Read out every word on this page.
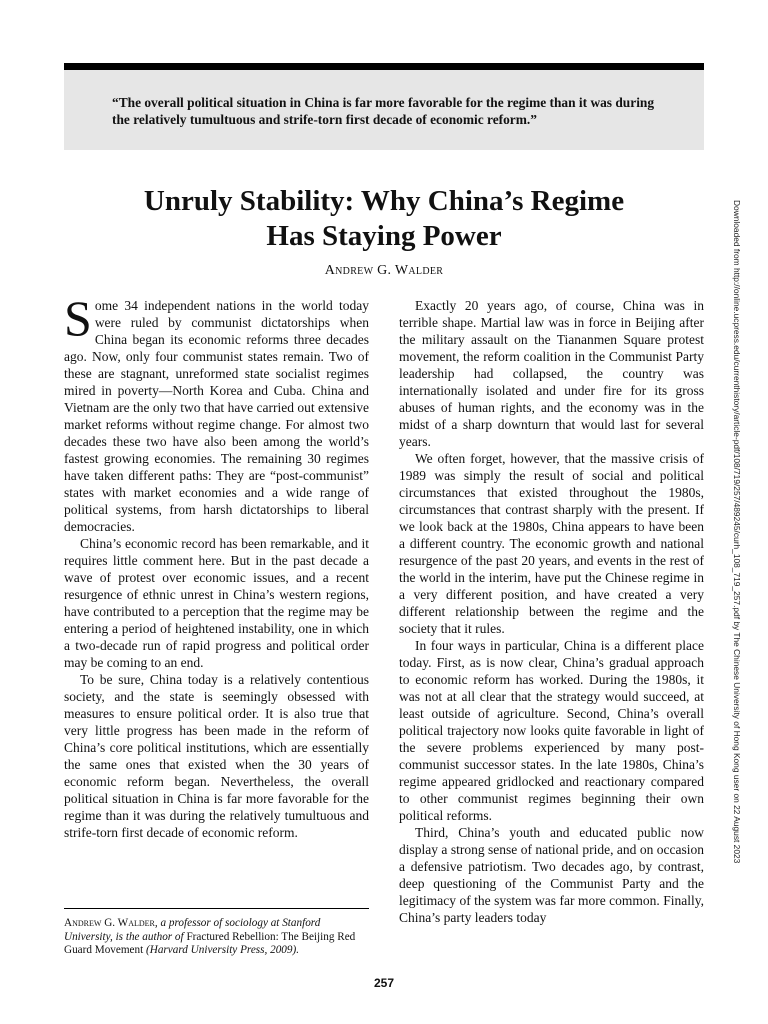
“The overall political situation in China is far more favorable for the regime than it was during the relatively tumultuous and strife-torn first decade of economic reform.”

Unruly Stability: Why China’s Regime
Has Staying Power
Andrew G. Walder

Some 34 independent nations in the world today were ruled by communist dictatorships when China began its economic reforms three decades ago. Now, only four communist states remain. Two of these are stagnant, unreformed state socialist regimes mired in poverty—North Korea and Cuba. China and Vietnam are the only two that have carried out extensive market reforms without regime change. For almost two decades these two have also been among the world’s fastest growing economies. The remaining 30 regimes have taken different paths: They are “post-communist” states with market economies and a wide range of political systems, from harsh dictatorships to liberal democracies.

China’s economic record has been remarkable, and it requires little comment here. But in the past decade a wave of protest over economic issues, and a recent resurgence of ethnic unrest in China’s western regions, have contributed to a perception that the regime may be entering a period of heightened instability, one in which a two-decade run of rapid progress and political order may be coming to an end.

To be sure, China today is a relatively contentious society, and the state is seemingly obsessed with measures to ensure political order. It is also true that very little progress has been made in the reform of China’s core political institutions, which are essentially the same ones that existed when the 30 years of economic reform began. Nevertheless, the overall political situation in China is far more favorable for the regime than it was during the relatively tumultuous and strife-torn first decade of economic reform.

Exactly 20 years ago, of course, China was in terrible shape. Martial law was in force in Beijing after the military assault on the Tiananmen Square protest movement, the reform coalition in the Communist Party leadership had collapsed, the country was internationally isolated and under fire for its gross abuses of human rights, and the economy was in the midst of a sharp downturn that would last for several years.

We often forget, however, that the massive crisis of 1989 was simply the result of social and political circumstances that existed throughout the 1980s, circumstances that contrast sharply with the present. If we look back at the 1980s, China appears to have been a different country. The economic growth and national resurgence of the past 20 years, and events in the rest of the world in the interim, have put the Chinese regime in a very different position, and have created a very different relationship between the regime and the society that it rules.

In four ways in particular, China is a different place today. First, as is now clear, China’s gradual approach to economic reform has worked. During the 1980s, it was not at all clear that the strategy would succeed, at least outside of agriculture. Second, China’s overall political trajectory now looks quite favorable in light of the severe problems experienced by many post-communist successor states. In the late 1980s, China’s regime appeared gridlocked and reactionary compared to other communist regimes beginning their own political reforms.

Third, China’s youth and educated public now display a strong sense of national pride, and on occasion a defensive patriotism. Two decades ago, by contrast, deep questioning of the Communist Party and the legitimacy of the system was far more common. Finally, China’s party leaders today

Andrew G. Walder, a professor of sociology at Stanford University, is the author of Fractured Rebellion: The Beijing Red Guard Movement (Harvard University Press, 2009).

257
Downloaded from http://online.ucpress.edu/currenthistory/article-pdf/108/719/257/489245/curh_108_719_257.pdf by The Chinese University of Hong Kong user on 22 August 2023
